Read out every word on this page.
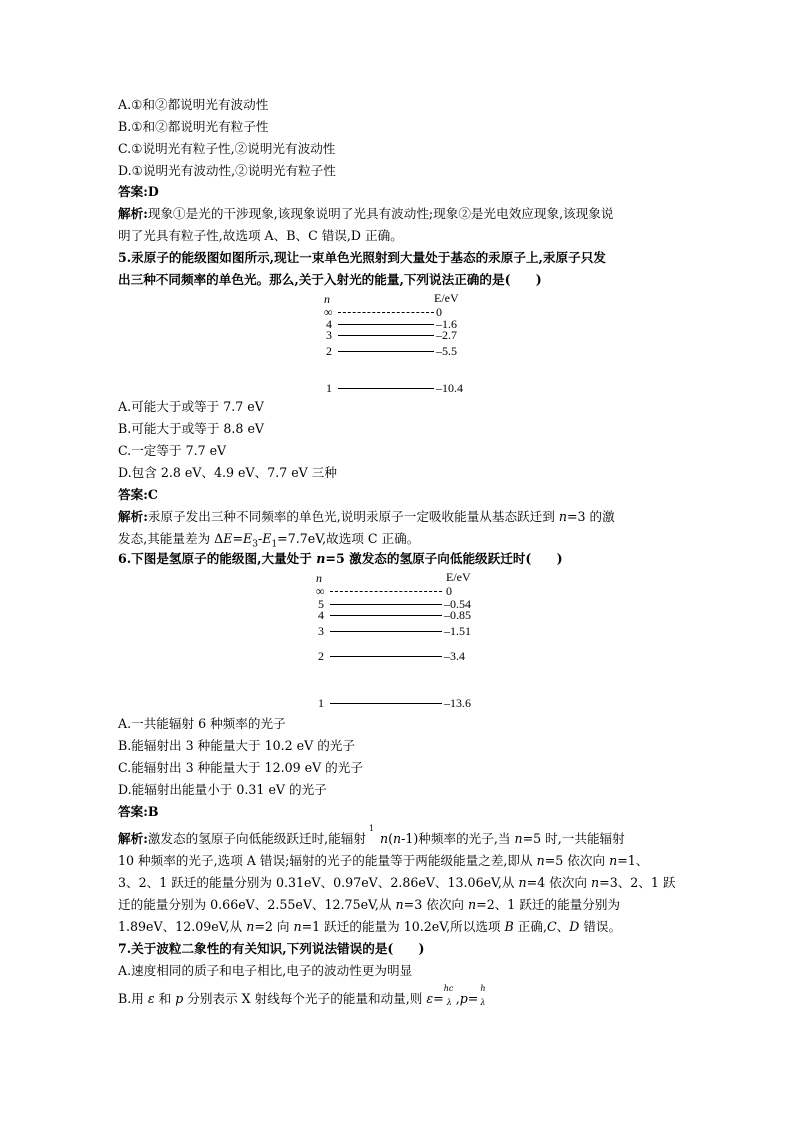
A.①和②都说明光有波动性
B.①和②都说明光有粒子性
C.①说明光有粒子性,②说明光有波动性
D.①说明光有波动性,②说明光有粒子性
答案:D
解析:现象①是光的干涉现象,该现象说明了光具有波动性;现象②是光电效应现象,该现象说
明了光具有粒子性,故选项 A、B、C 错误,D 正确。
5.汞原子的能级图如图所示,现让一束单色光照射到大量处于基态的汞原子上,汞原子只发
出三种不同频率的单色光。那么,关于入射光的能量,下列说法正确的是(　　)
n	E/eV
∞	0
4	–1.6
3	–2.7
2	–5.5
1	–10.4
A.可能大于或等于 7.7 eV
B.可能大于或等于 8.8 eV
C.一定等于 7.7 eV
D.包含 2.8 eV、4.9 eV、7.7 eV 三种
答案:C
解析:汞原子发出三种不同频率的单色光,说明汞原子一定吸收能量从基态跃迁到 n=3 的激
发态,其能量差为 $\Delta E=E_3-E_1=7.7eV$,故选项 C 正确。
6.下图是氢原子的能级图,大量处于 n=5 激发态的氢原子向低能级跃迁时(　　)
n	E/eV
∞	0
5	–0.54
4	–0.85
3	–1.51
2	–3.4
1	–13.6
A.一共能辐射 6 种频率的光子
B.能辐射出 3 种能量大于 10.2 eV 的光子
C.能辐射出 3 种能量大于 12.09 eV 的光子
D.能辐射出能量小于 0.31 eV 的光子
答案:B
解析:激发态的氢原子向低能级跃迁时,能辐射
1
2 n(n-1)种频率的光子,当 n=5 时,一共能辐射
10 种频率的光子,选项 A 错误;辐射的光子的能量等于两能级能量之差,即从 n=5 依次向 n=1、
3、2、1 跃迁的能量分别为 0.31eV、0.97eV、2.86eV、13.06eV,从 n=4 依次向 n=3、2、1 跃
迁的能量分别为 0.66eV、2.55eV、12.75eV,从 n=3 依次向 n=2、1 跃迁的能量分别为
1.89eV、12.09eV,从 n=2 向 n=1 跃迁的能量为 10.2eV,所以选项 B 正确,C、D 错误。
7.关于波粒二象性的有关知识,下列说法错误的是(　　)
A.速度相同的质子和电子相比,电子的波动性更为明显
B.用 ε 和 p 分别表示 X 射线每个光子的能量和动量,则 ε=
hc
λ ,p=
h
λ
